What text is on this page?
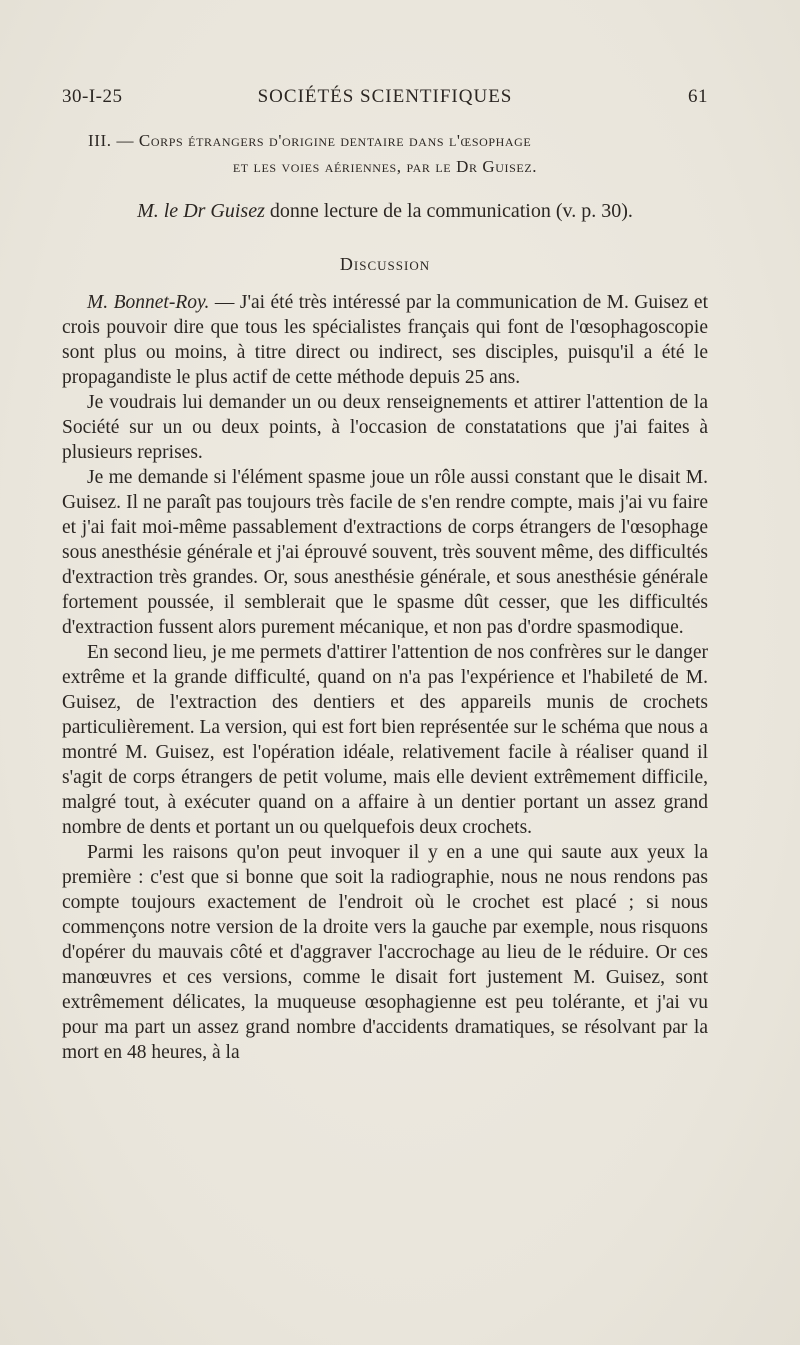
30-I-25	SOCIÉTÉS SCIENTIFIQUES	61
III. — Corps étrangers d'origine dentaire dans l'œsophage
et les voies aériennes, par le Dr Guisez.
M. le Dr Guisez donne lecture de la communication (v. p. 30).
Discussion

M. Bonnet-Roy. — J'ai été très intéressé par la communication de M. Guisez et crois pouvoir dire que tous les spécialistes français qui font de l'œsophagoscopie sont plus ou moins, à titre direct ou indirect, ses disciples, puisqu'il a été le propagandiste le plus actif de cette méthode depuis 25 ans.

Je voudrais lui demander un ou deux renseignements et attirer l'attention de la Société sur un ou deux points, à l'occasion de constatations que j'ai faites à plusieurs reprises.

Je me demande si l'élément spasme joue un rôle aussi constant que le disait M. Guisez. Il ne paraît pas toujours très facile de s'en rendre compte, mais j'ai vu faire et j'ai fait moi-même passablement d'extractions de corps étrangers de l'œsophage sous anesthésie générale et j'ai éprouvé souvent, très souvent même, des difficultés d'extraction très grandes. Or, sous anesthésie générale, et sous anesthésie générale fortement poussée, il semblerait que le spasme dût cesser, que les difficultés d'extraction fussent alors purement mécanique, et non pas d'ordre spasmodique.

En second lieu, je me permets d'attirer l'attention de nos confrères sur le danger extrême et la grande difficulté, quand on n'a pas l'expérience et l'habileté de M. Guisez, de l'extraction des dentiers et des appareils munis de crochets particulièrement. La version, qui est fort bien représentée sur le schéma que nous a montré M. Guisez, est l'opération idéale, relativement facile à réaliser quand il s'agit de corps étrangers de petit volume, mais elle devient extrêmement difficile, malgré tout, à exécuter quand on a affaire à un dentier portant un assez grand nombre de dents et portant un ou quelquefois deux crochets.

Parmi les raisons qu'on peut invoquer il y en a une qui saute aux yeux la première : c'est que si bonne que soit la radiographie, nous ne nous rendons pas compte toujours exactement de l'endroit où le crochet est placé ; si nous commençons notre version de la droite vers la gauche par exemple, nous risquons d'opérer du mauvais côté et d'aggraver l'accrochage au lieu de le réduire. Or ces manœuvres et ces versions, comme le disait fort justement M. Guisez, sont extrêmement délicates, la muqueuse œsophagienne est peu tolérante, et j'ai vu pour ma part un assez grand nombre d'accidents dramatiques, se résolvant par la mort en 48 heures, à la
